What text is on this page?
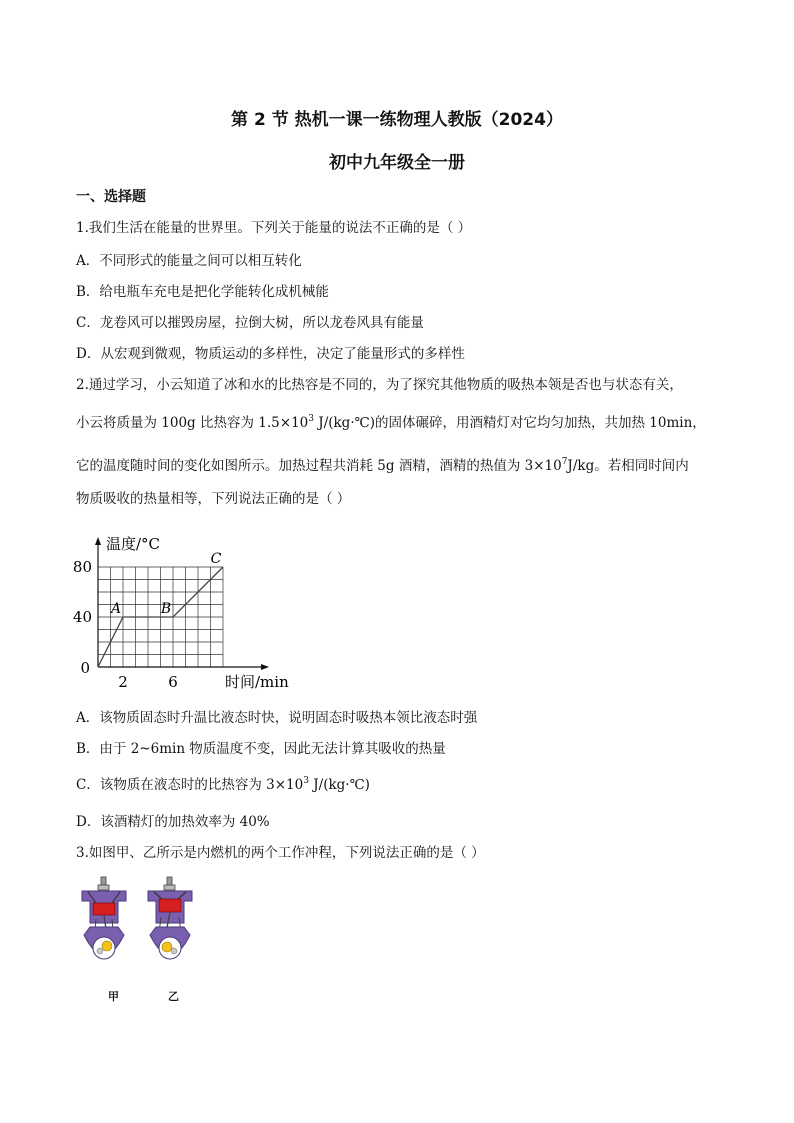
第 2 节 热机一课一练物理人教版（2024）
初中九年级全一册
一、选择题
1.我们生活在能量的世界里。下列关于能量的说法不正确的是（ ）
A．不同形式的能量之间可以相互转化
B．给电瓶车充电是把化学能转化成机械能
C．龙卷风可以摧毁房屋，拉倒大树，所以龙卷风具有能量
D．从宏观到微观，物质运动的多样性，决定了能量形式的多样性
2.通过学习，小云知道了冰和水的比热容是不同的，为了探究其他物质的吸热本领是否也与状态有关，
小云将质量为 100g 比热容为 $1.5\times 10^3$ J/(kg·℃)的固体碾碎，用酒精灯对它均匀加热，共加热 10min，
它的温度随时间的变化如图所示。加热过程共消耗 5g 酒精，酒精的热值为 $3\times 10^7J/kg$。若相同时间内
物质吸收的热量相等，下列说法正确的是（ ）
2	6
40
80
0
温度/°C
时间/min
A	B
C
A．该物质固态时升温比液态时快，说明固态时吸热本领比液态时强
B．由于 2~6min 物质温度不变，因此无法计算其吸收的热量
C．该物质在液态时的比热容为 $3\times 10^3$ J/(kg·℃)
D．该酒精灯的加热效率为 40%
3.如图甲、乙所示是内燃机的两个工作冲程，下列说法正确的是（ ）
甲	乙
